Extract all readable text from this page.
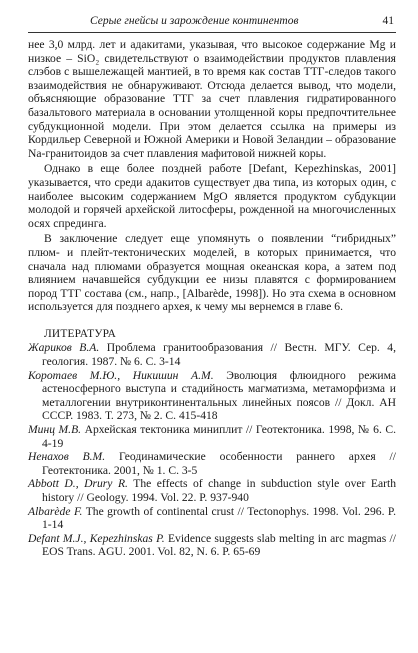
Серые гнейсы и зарождение континентов	41

нее 3,0 млрд. лет и адакитами, указывая, что высокое содержание Mg и низкое – SiO₂ свидетельствуют о взаимодействии продуктов плавления слэбов с вышележащей мантией, в то время как состав ТТГ-следов такого взаимодействия не обнаруживают. Отсюда делается вывод, что модели, объясняющие образование ТТГ за счет плавления гидратированного базальтового материала в основании утолщенной коры предпочтительнее субдукционной модели. При этом делается ссылка на примеры из Кордильер Северной и Южной Америки и Новой Зеландии – образование Na-гранитоидов за счет плавления мафитовой нижней коры.

Однако в еще более поздней работе [Defant, Kepezhinskas, 2001] указывается, что среди адакитов существует два типа, из которых один, с наиболее высоким содержанием MgO является продуктом субдукции молодой и горячей архейской литосферы, рожденной на многочисленных осях спрединга.

В заключение следует еще упомянуть о появлении “гибридных” плюм- и плейт-тектонических моделей, в которых принимается, что сначала над плюмами образуется мощная океанская кора, а затем под влиянием начавшейся субдукции ее низы плавятся с формированием пород ТТГ состава (см., напр., [Albarède, 1998]). Но эта схема в основном используется для позднего архея, к чему мы вернемся в главе 6.

ЛИТЕРАТУРА

Жариков В.А. Проблема гранитообразования // Вестн. МГУ. Сер. 4, геология. 1987. № 6. С. 3-14

Коротаев М.Ю., Никишин А.М. Эволюция флюидного режима астеносферного выступа и стадийность магматизма, метаморфизма и металлогении внутриконтинентальных линейных поясов // Докл. АН СССР. 1983. Т. 273, № 2. С. 415-418

Минц М.В. Архейская тектоника миниплит // Геотектоника. 1998, № 6. С. 4-19

Ненахов В.М. Геодинамические особенности раннего архея // Геотектоника. 2001, № 1. С. 3-5

Abbott D., Drury R. The effects of change in subduction style over Earth history // Geology. 1994. Vol. 22. P. 937-940

Albarède F. The growth of continental crust // Tectonophys. 1998. Vol. 296. P. 1-14

Defant M.J., Kepezhinskas P. Evidence suggests slab melting in arc magmas // EOS Trans. AGU. 2001. Vol. 82, N. 6. P. 65-69
